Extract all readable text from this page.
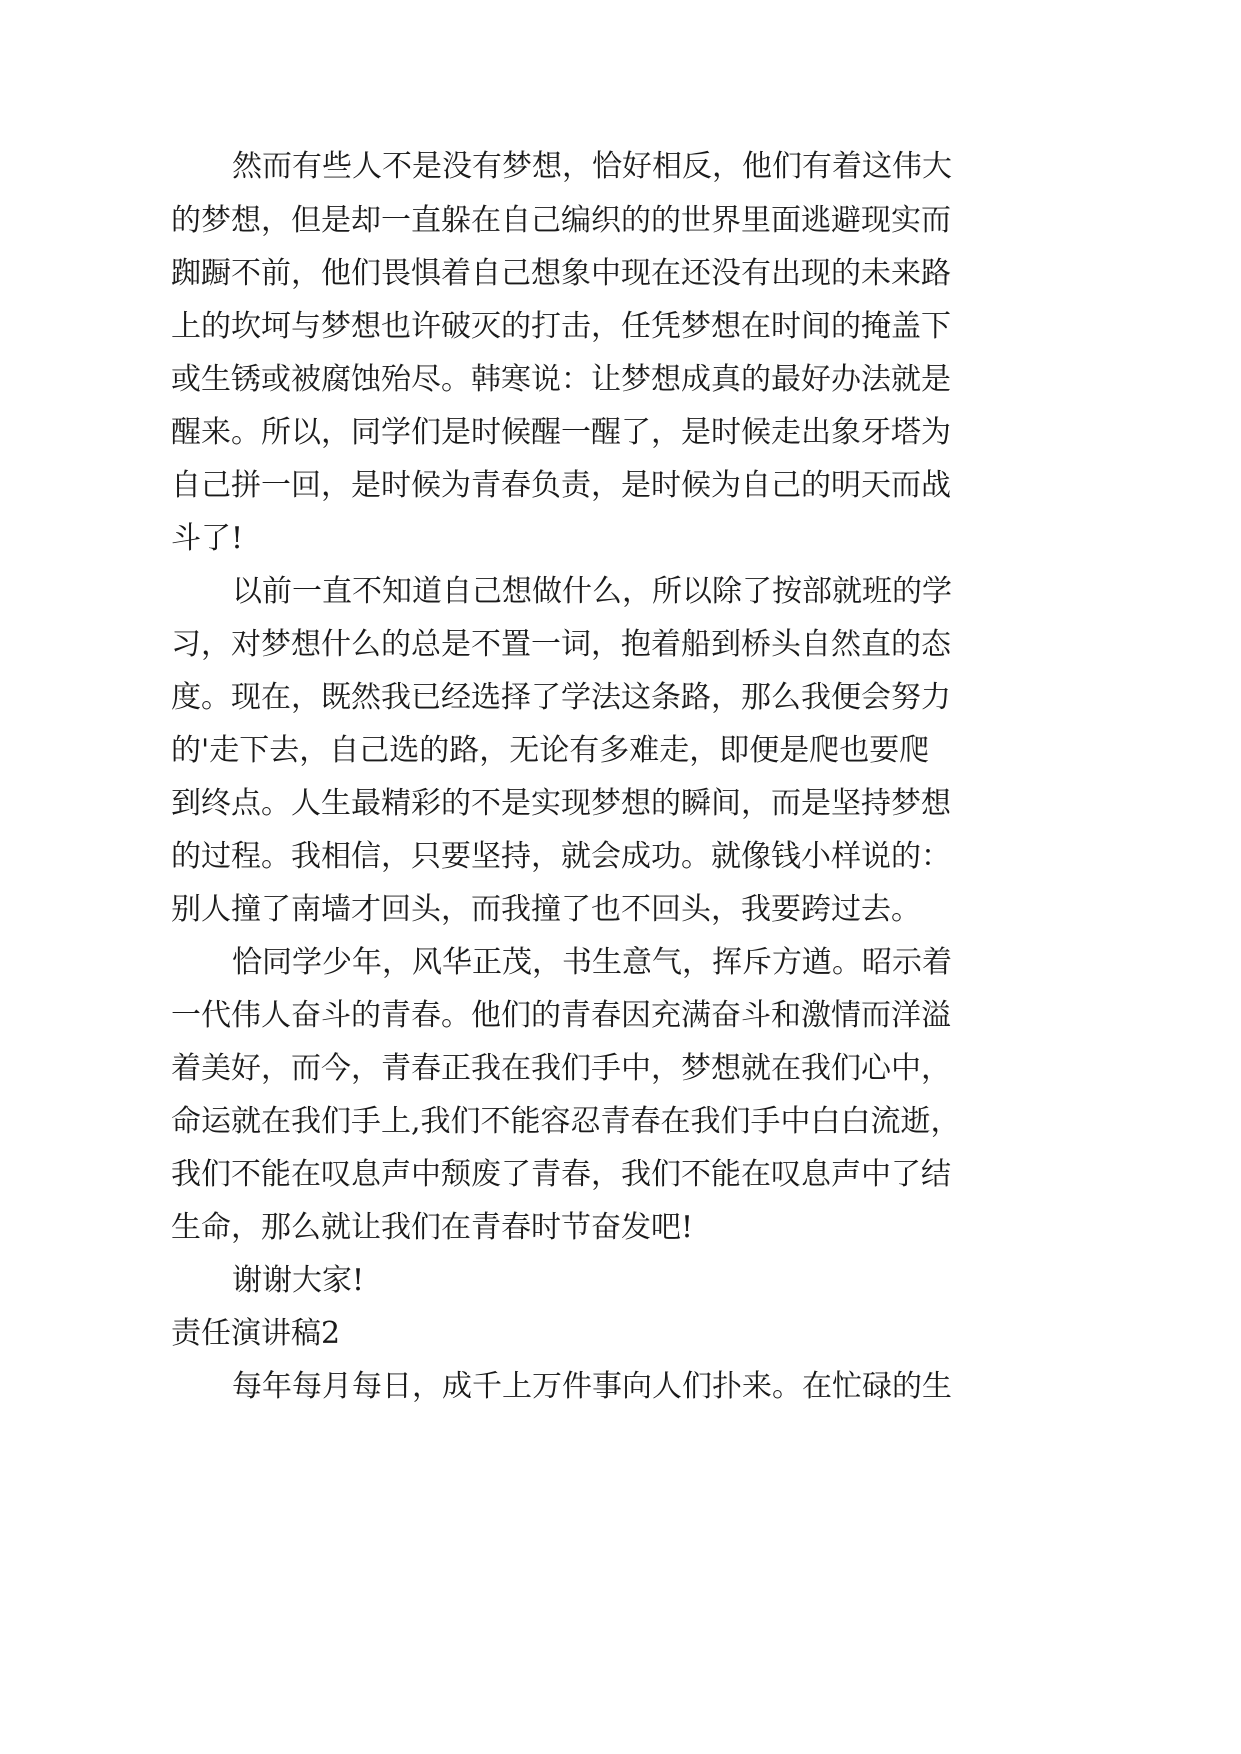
然而有些人不是没有梦想，恰好相反，他们有着这伟大

的梦想，但是却一直躲在自己编织的的世界里面逃避现实而

踟蹰不前，他们畏惧着自己想象中现在还没有出现的未来路

上的坎坷与梦想也许破灭的打击，任凭梦想在时间的掩盖下

或生锈或被腐蚀殆尽。韩寒说：让梦想成真的最好办法就是

醒来。所以，同学们是时候醒一醒了，是时候走出象牙塔为

自己拼一回，是时候为青春负责，是时候为自己的明天而战

斗了!

以前一直不知道自己想做什么，所以除了按部就班的学

习，对梦想什么的总是不置一词，抱着船到桥头自然直的态

度。现在，既然我已经选择了学法这条路，那么我便会努力

的'走下去，自己选的路，无论有多难走，即便是爬也要爬

到终点。人生最精彩的不是实现梦想的瞬间，而是坚持梦想

的过程。我相信，只要坚持，就会成功。就像钱小样说的：

别人撞了南墙才回头，而我撞了也不回头，我要跨过去。

恰同学少年，风华正茂，书生意气，挥斥方遒。昭示着

一代伟人奋斗的青春。他们的青春因充满奋斗和激情而洋溢

着美好，而今，青春正我在我们手中，梦想就在我们心中，

命运就在我们手上,我们不能容忍青春在我们手中白白流逝，

我们不能在叹息声中颓废了青春，我们不能在叹息声中了结

生命，那么就让我们在青春时节奋发吧!

谢谢大家!

责任演讲稿2

每年每月每日，成千上万件事向人们扑来。在忙碌的生
